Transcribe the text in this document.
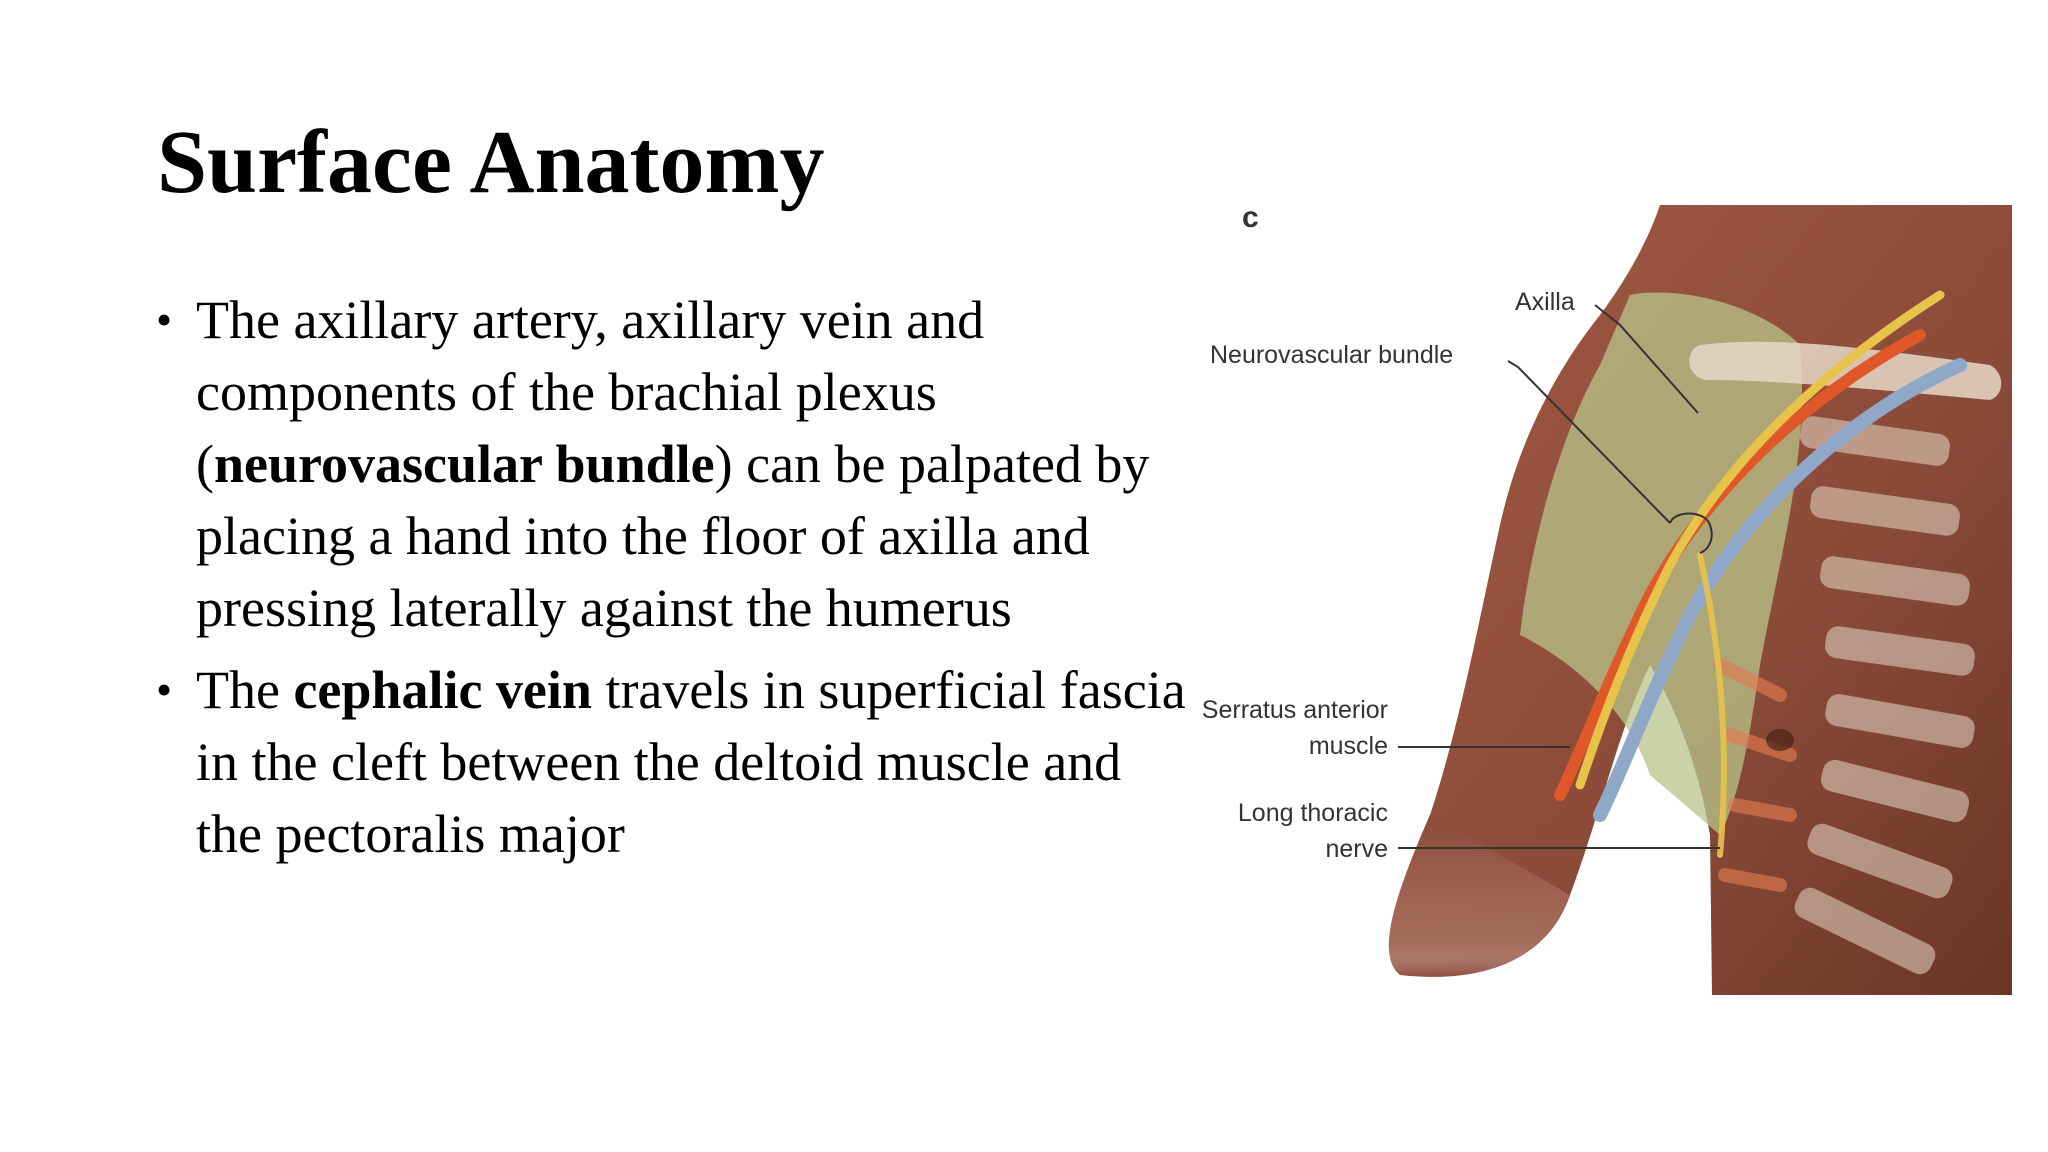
Surface Anatomy
• The axillary artery, axillary vein and components of the brachial plexus (neurovascular bundle) can be palpated by placing a hand into the floor of axilla and pressing laterally against the humerus
• The cephalic vein travels in superficial fascia in the cleft between the deltoid muscle and the pectoralis major
c
Axilla
Neurovascular bundle
Serratus anterior
muscle
Long thoracic
nerve
